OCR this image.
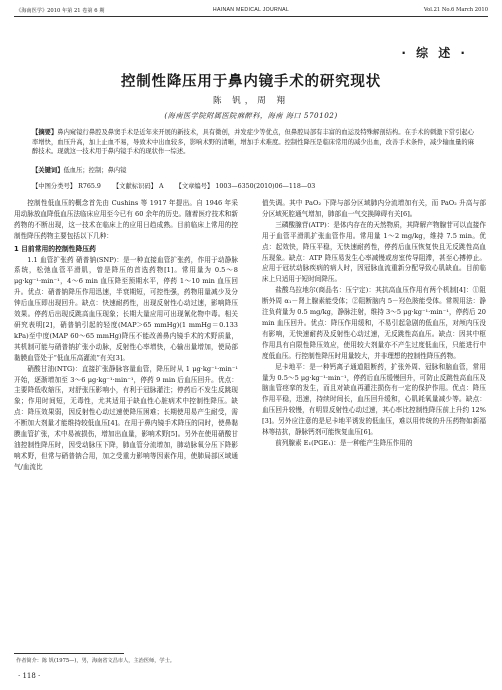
《海南医学》2010 年第 21 卷第 6 期	HAINAN MEDICAL JOURNAL	Vol.21 No.6 March 2010
· 综 述 ·
控制性降压用于鼻内镜手术的研究现状
陈 钒，周 翔
(海南医学院附属医院麻醉科，海南 海口 570102)
【摘要】鼻内窥镜行鼻腔及鼻窦手术是近年来开展的新技术，具有微创，并发症少等优点，但鼻腔局部有丰富的血运及特殊解剖结构。在手术的刺激下常引起心率增快，血压升高，加上止血不易，导致术中出血较多，影响术野的清晰，增加手术难度。控制性降压是临床常用的减少出血，改善手术条件，减少输血量的麻醉技术。现就这一技术用于鼻内镜手术的现状作一综述。
【关键词】低血压；控制；鼻内镜
【中图分类号】 R765.9 【文献标识码】 A 【文章编号】 1003—6350(2010)06—118—03

控制性低血压的概念首先由 Cushins 等 1917 年提出。自 1946 年采用动脉放血降低血压法临床应用至今已有 60 余年的历史。随着医疗技术和新药物的不断出现，这一技术在临床上的应用日趋成熟。目前临床上常用的控制性降压药物主要包括以下几种：

1 目前常用的控制性降压药

1.1 血管扩张药 硝普钠(SNP)：是一种直接血管扩张药，作用于动静脉系统，松弛血管平滑肌，曾是降压的首选药物[1]。常用量为 0.5～8 μg·kg⁻¹·min⁻¹，4～6 min 血压降至预期水平，停药 1～10 min 血压回升。优点：硝普钠降压作用迅速，半衰期短，可控性强，药物用量减少及分钟后血压即出现回升。缺点：快速耐药性，出现反射性心动过速，影响降压效果。停药后出现反跳高血压现象；长期大量应用可出现氰化物中毒。相关研究表明[2]，硝普钠引起的轻度(MAP＞65 mmHg)(1 mmHg＝0.133 kPa)至中度(MAP 60～65 mmHg)降压不能改善鼻内镜手术的术野质量，其机制可能与硝普钠扩张小动脉，反射性心率增快，心输出量增加，使局部黏膜血管处于“低血压高灌流”有关[3]。

硝酸甘油(NTG)：直接扩张静脉容量血管，降压时从 1 μg·kg⁻¹·min⁻¹开始，逐渐增加至 3～6 μg·kg⁻¹·min⁻¹，停药 9 min 后血压回升。优点：主要降低收缩压，对舒张压影响小，有利于冠脉灌注；停药后不发生反跳现象；作用时间短，无毒性，尤其适用于缺血性心脏病术中控制性降压。缺点：降压效果弱，因反射性心动过速使降压困难；长期使用易产生耐受，需不断加大剂量才能维持较低血压[4]。在用于鼻内镜手术降压的同时，使鼻黏膜血管扩张，术中易被损伤，增加出血量，影响术野[5]。另外在使用硝酸甘油控制性降压时，因受动脉压下降，肺血管分流增加，肺动脉氧分压下降影响术野，但常与硝普钠合用，加之受重力影响等因素作用，使肺局部区域通气/血流比

值失调。其中 PaO₂ 下降与部分区域肺内分流增加有关，而 PaO₂ 升高与部分区域死腔通气增加，肺部血一气交换障碍有关[6]。

三磷酸腺苷(ATP)：是体内存在的天然物质，其降解产物腺苷可以直接作用于血管平滑肌扩张血管作用。常用量 1～2 mg/kg，维持 7.5 min。优点：起效快，降压平稳，无快速耐药性，停药后血压恢复快且无反跳性高血压现象。缺点：ATP 降压易发生心率减慢或房室传导阻滞，甚至心搏停止。应用于冠状动脉疾病的病人时，因冠脉血流重新分配导致心肌缺血。目前临床上只适用于短时间降压。

盐酸乌拉地尔(商品名：压宁定)：其抗高血压作用有两个机制[4]：①阻断外周 α₁－肾上腺素能受体；②阻断脑内 5－羟色胺能受体。常规用法：静注负荷量为 0.5 mg/kg，静脉注射，维持 3～5 μg·kg⁻¹·min⁻¹，停药后 20 min 血压回升。优点：降压作用缓和，不易引起急剧的低血压，对颅内压没有影响，无快速耐药及反射性心动过速，无反跳性高血压。缺点：因其中枢作用具有自限性降压效应，使用较大剂量亦不产生过度低血压，只能进行中度低血压。行控制性降压时用量较大，并非理想的控制性降压药物。

尼卡地平：是一种钙离子通道阻断药，扩张外周、冠脉和脑血管，常用量为 0.5～5 μg·kg⁻¹·min⁻¹，停药后血压缓慢回升，可防止反跳性高血压及脑血管痉挛的发生，而且对缺血再灌注损伤有一定的保护作用。优点：降压作用平稳，迅速，持续时间长，血压回升缓和，心肌耗氧量减少等。缺点：血压回升较慢，有明显反射性心动过速，其心率比控制性降压前上升约 12%[3]。另外应注意的是尼卡地平诱发的低血压，难以用传统的升压药物如新福林等拮抗，静脉钙剂可能恢复血压[6]。

前列腺素 E₁(PGE₁)：是一种能产生降压作用的

作者简介：陈 钒(1975—)，男，海南省文昌市人，主治医师，学士。
· 118 ·
